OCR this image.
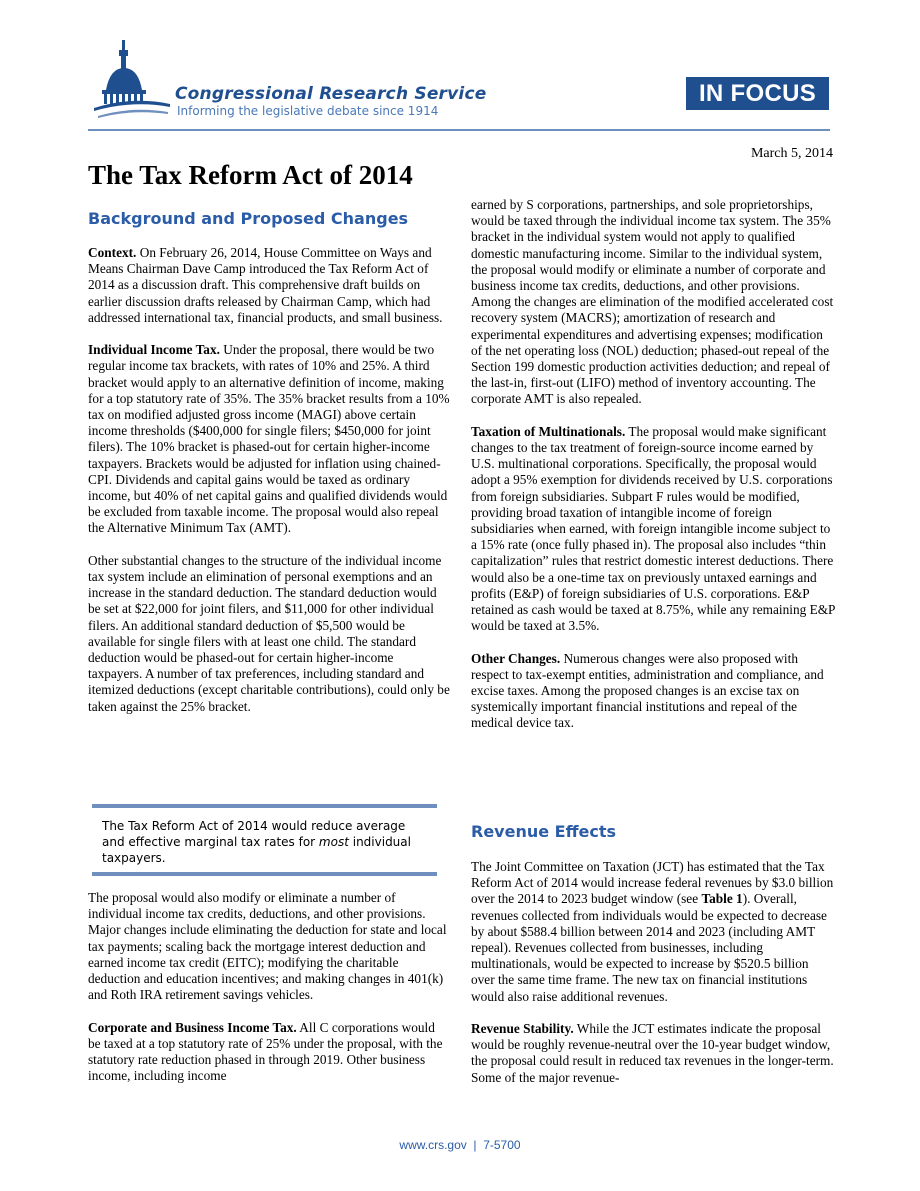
Congressional Research Service
Informing the legislative debate since 1914
IN FOCUS
March 5, 2014
The Tax Reform Act of 2014
Background and Proposed Changes

Context. On February 26, 2014, House Committee on Ways and Means Chairman Dave Camp introduced the Tax Reform Act of 2014 as a discussion draft. This comprehensive draft builds on earlier discussion drafts released by Chairman Camp, which had addressed international tax, financial products, and small business.

Individual Income Tax. Under the proposal, there would be two regular income tax brackets, with rates of 10% and 25%. A third bracket would apply to an alternative definition of income, making for a top statutory rate of 35%. The 35% bracket results from a 10% tax on modified adjusted gross income (MAGI) above certain income thresholds ($400,000 for single filers; $450,000 for joint filers). The 10% bracket is phased-out for certain higher-income taxpayers. Brackets would be adjusted for inflation using chained-CPI. Dividends and capital gains would be taxed as ordinary income, but 40% of net capital gains and qualified dividends would be excluded from taxable income. The proposal would also repeal the Alternative Minimum Tax (AMT).

Other substantial changes to the structure of the individual income tax system include an elimination of personal exemptions and an increase in the standard deduction. The standard deduction would be set at $22,000 for joint filers, and $11,000 for other individual filers. An additional standard deduction of $5,500 would be available for single filers with at least one child. The standard deduction would be phased-out for certain higher-income taxpayers. A number of tax preferences, including standard and itemized deductions (except charitable contributions), could only be taken against the 25% bracket.

The Tax Reform Act of 2014 would reduce average and effective marginal tax rates for most individual taxpayers.

The proposal would also modify or eliminate a number of individual income tax credits, deductions, and other provisions. Major changes include eliminating the deduction for state and local tax payments; scaling back the mortgage interest deduction and earned income tax credit (EITC); modifying the charitable deduction and education incentives; and making changes in 401(k) and Roth IRA retirement savings vehicles.

Corporate and Business Income Tax. All C corporations would be taxed at a top statutory rate of 25% under the proposal, with the statutory rate reduction phased in through 2019. Other business income, including income

earned by S corporations, partnerships, and sole proprietorships, would be taxed through the individual income tax system. The 35% bracket in the individual system would not apply to qualified domestic manufacturing income. Similar to the individual system, the proposal would modify or eliminate a number of corporate and business income tax credits, deductions, and other provisions. Among the changes are elimination of the modified accelerated cost recovery system (MACRS); amortization of research and experimental expenditures and advertising expenses; modification of the net operating loss (NOL) deduction; phased-out repeal of the Section 199 domestic production activities deduction; and repeal of the last-in, first-out (LIFO) method of inventory accounting. The corporate AMT is also repealed.

Taxation of Multinationals. The proposal would make significant changes to the tax treatment of foreign-source income earned by U.S. multinational corporations. Specifically, the proposal would adopt a 95% exemption for dividends received by U.S. corporations from foreign subsidiaries. Subpart F rules would be modified, providing broad taxation of intangible income of foreign subsidiaries when earned, with foreign intangible income subject to a 15% rate (once fully phased in). The proposal also includes “thin capitalization” rules that restrict domestic interest deductions. There would also be a one-time tax on previously untaxed earnings and profits (E&P) of foreign subsidiaries of U.S. corporations. E&P retained as cash would be taxed at 8.75%, while any remaining E&P would be taxed at 3.5%.

Other Changes. Numerous changes were also proposed with respect to tax-exempt entities, administration and compliance, and excise taxes. Among the proposed changes is an excise tax on systemically important financial institutions and repeal of the medical device tax.

Revenue Effects

The Joint Committee on Taxation (JCT) has estimated that the Tax Reform Act of 2014 would increase federal revenues by $3.0 billion over the 2014 to 2023 budget window (see Table 1). Overall, revenues collected from individuals would be expected to decrease by about $588.4 billion between 2014 and 2023 (including AMT repeal). Revenues collected from businesses, including multinationals, would be expected to increase by $520.5 billion over the same time frame. The new tax on financial institutions would also raise additional revenues.

Revenue Stability. While the JCT estimates indicate the proposal would be roughly revenue-neutral over the 10-year budget window, the proposal could result in reduced tax revenues in the longer-term. Some of the major revenue-

www.crs.gov  |  7-5700
